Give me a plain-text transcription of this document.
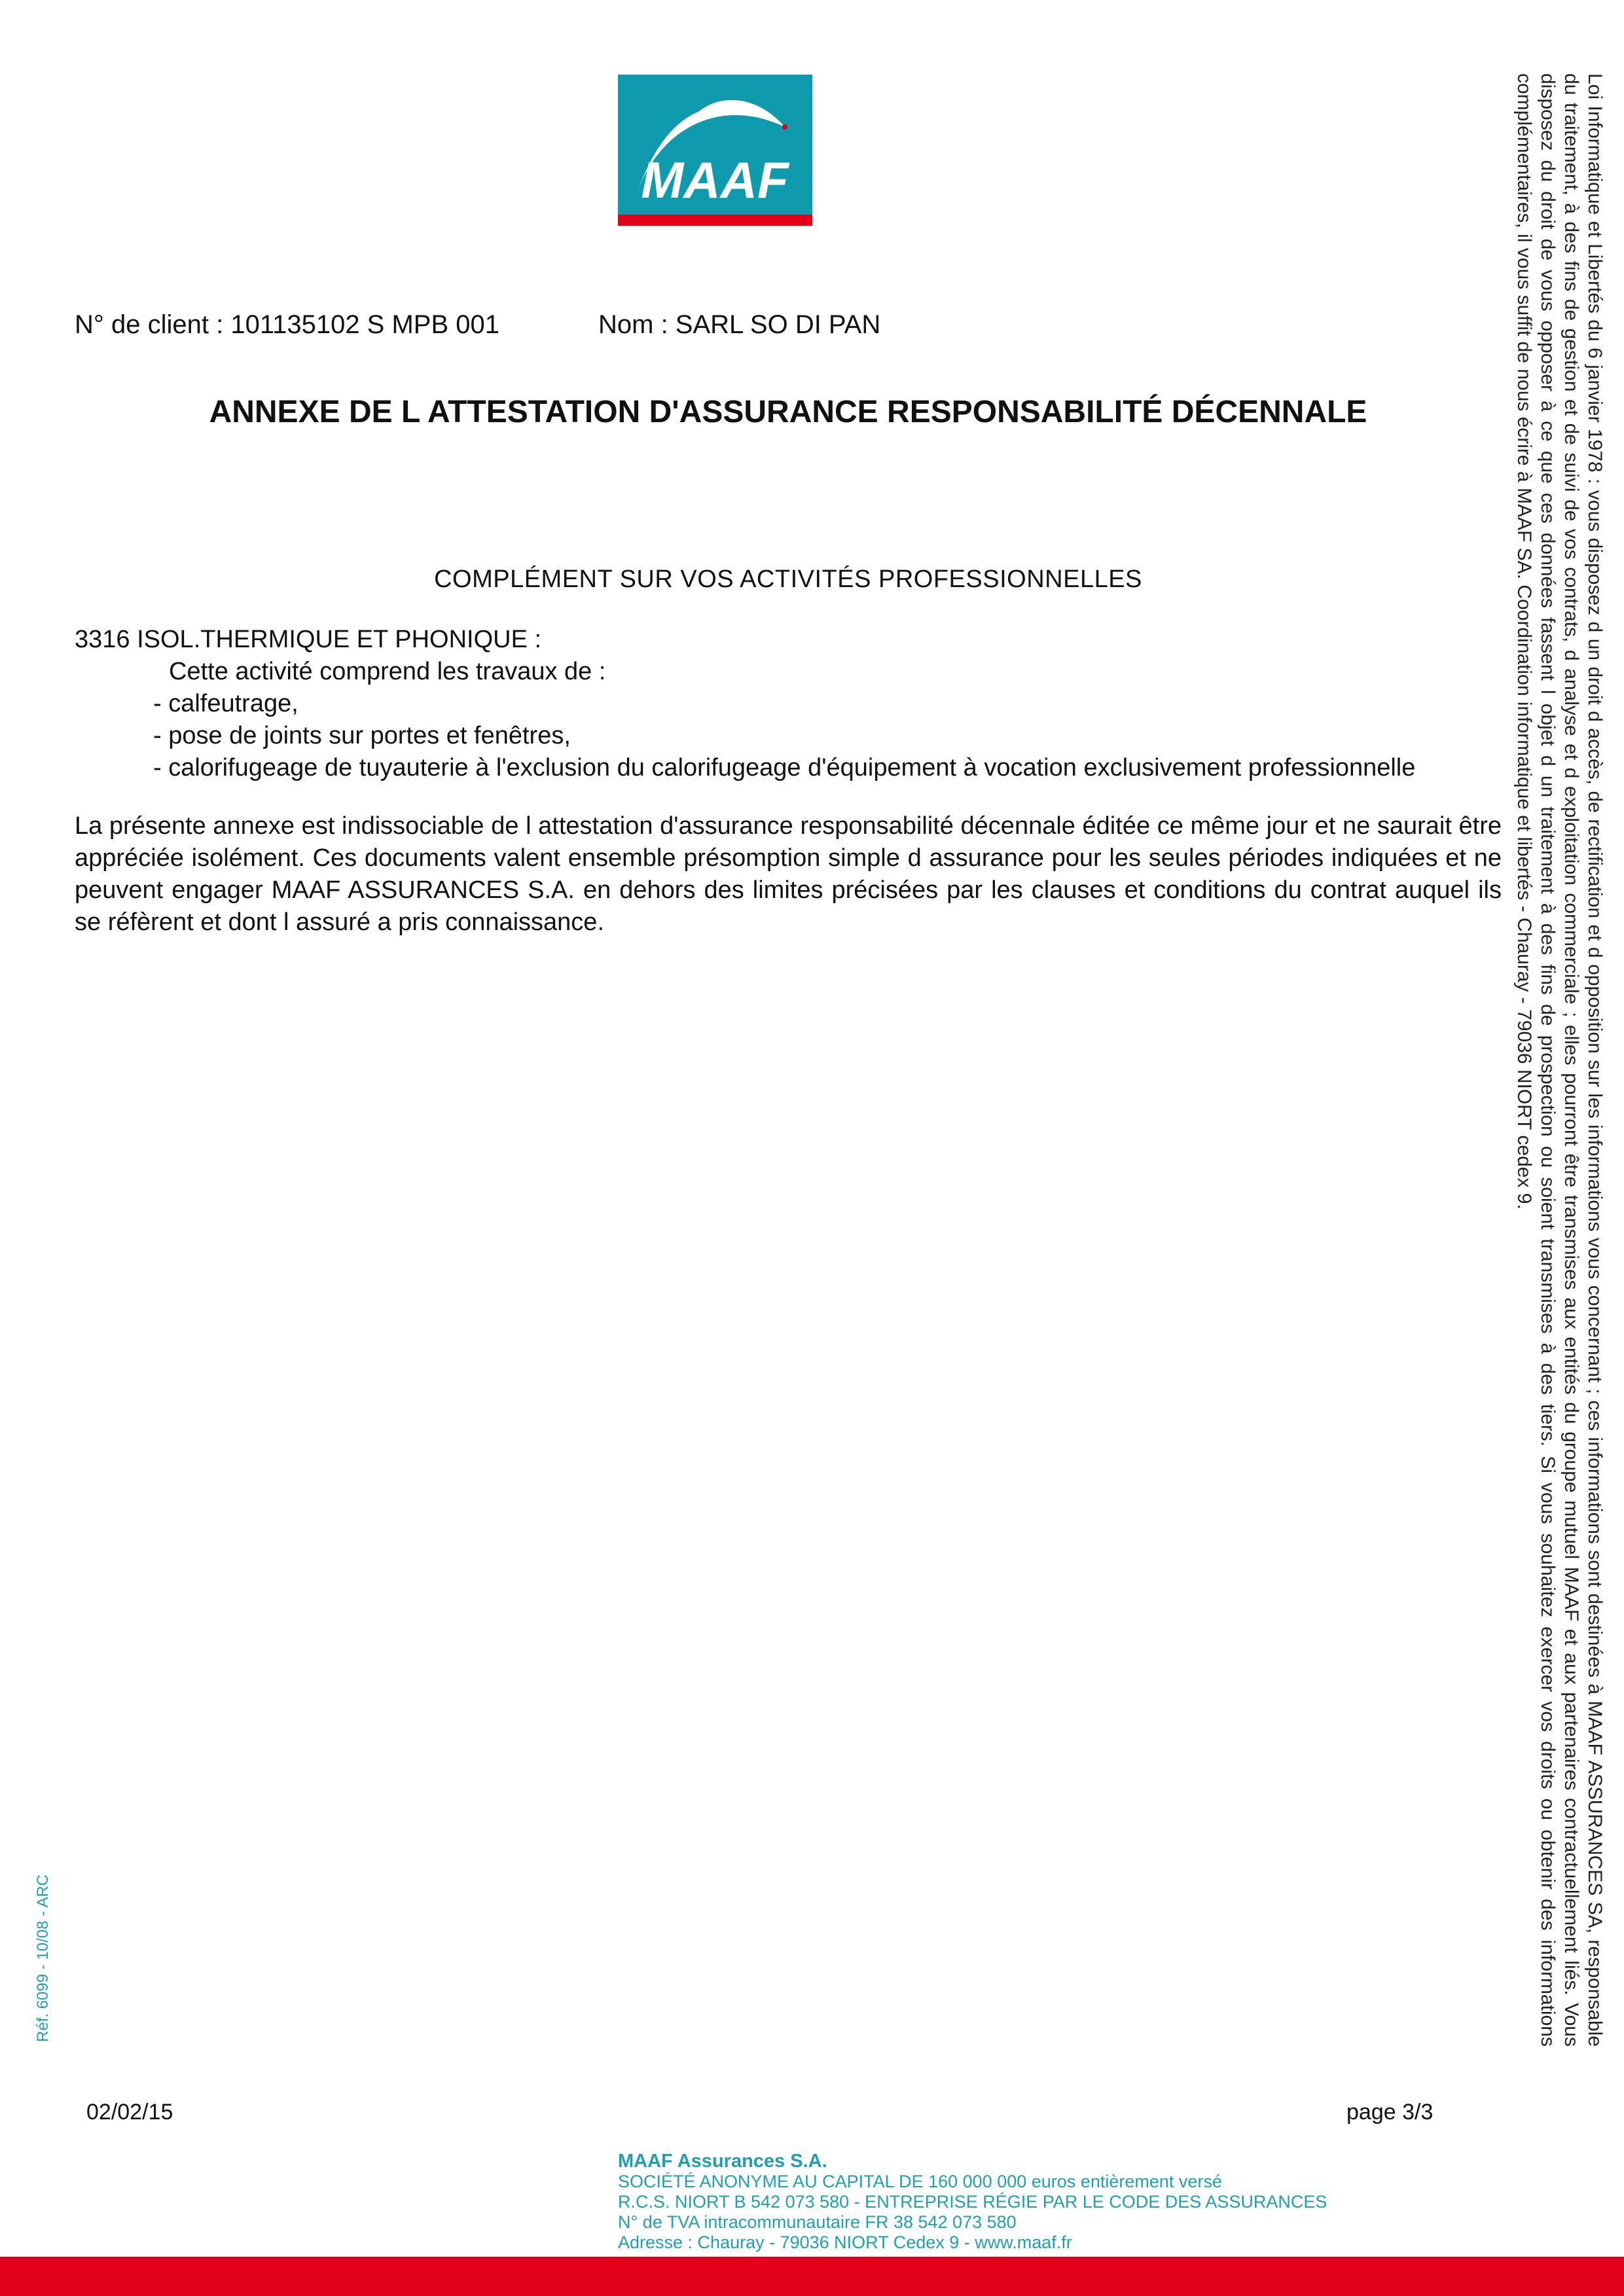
MAAF
N° de client : 101135102 S MPB 001	Nom : SARL SO DI PAN
ANNEXE DE L ATTESTATION D'ASSURANCE RESPONSABILITÉ DÉCENNALE
COMPLÉMENT SUR VOS ACTIVITÉS PROFESSIONNELLES
3316 ISOL.THERMIQUE ET PHONIQUE :
Cette activité comprend les travaux de :
- calfeutrage,
- pose de joints sur portes et fenêtres,
- calorifugeage de tuyauterie à l'exclusion du calorifugeage d'équipement à vocation exclusivement professionnelle

La présente annexe est indissociable de l attestation d'assurance responsabilité décennale éditée ce même jour et ne saurait être appréciée isolément. Ces documents valent ensemble présomption simple d assurance pour les seules périodes indiquées et ne peuvent engager MAAF ASSURANCES S.A. en dehors des limites précisées par les clauses et conditions du contrat auquel ils se réfèrent et dont l assuré a pris connaissance.	Loi Informatique et Libertés du 6 janvier 1978 : vous disposez d un droit d accès, de rectification et d opposition sur les informations vous concernant ; ces informations sont destinées à MAAF ASSURANCES SA, responsable du traitement, à des fins de gestion et de suivi de vos contrats, d analyse et d exploitation commerciale ; elles pourront être transmises aux entités du groupe mutuel MAAF et aux partenaires contractuellement liés. Vous disposez du droit de vous opposer à ce que ces données fassent l objet d un traitement à des fins de prospection ou soient transmises à des tiers. Si vous souhaitez exercer vos droits ou obtenir des informations complémentaires, il vous suffit de nous écrire à MAAF SA. Coordination informatique et libertés - Chauray - 79036 NIORT cedex 9.

Réf. 6099 - 10/08 - ARC
02/02/15	page 3/3
MAAF Assurances S.A.
SOCIÉTÉ ANONYME AU CAPITAL DE 160 000 000 euros entièrement versé
R.C.S. NIORT B 542 073 580 - ENTREPRISE RÉGIE PAR LE CODE DES ASSURANCES
N° de TVA intracommunautaire FR 38 542 073 580
Adresse : Chauray - 79036 NIORT Cedex 9 - www.maaf.fr
